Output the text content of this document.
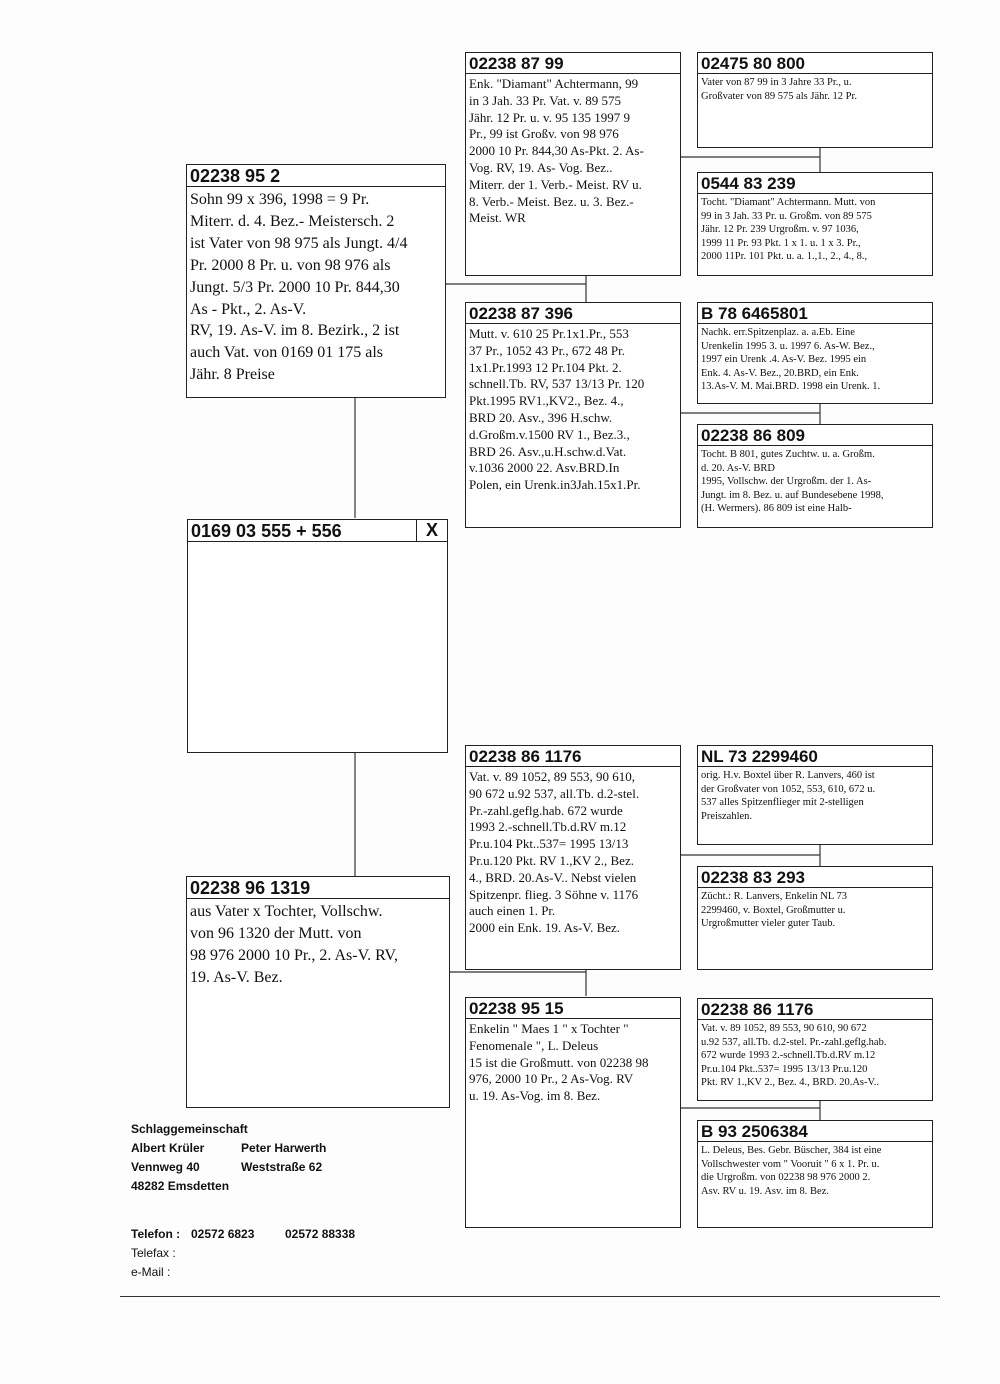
0169 03 555 + 556	X
02238 95 2
Sohn 99 x 396, 1998 = 9 Pr.
Miterr. d. 4. Bez.- Meistersch. 2
ist Vater von 98 975 als Jungt. 4/4
Pr. 2000 8 Pr. u. von 98 976 als
Jungt. 5/3 Pr. 2000 10 Pr. 844,30
As - Pkt., 2. As-V.
RV, 19. As-V. im 8. Bezirk., 2 ist
auch Vat. von 0169 01 175 als
Jähr. 8 Preise
02238 96 1319
aus Vater x Tochter, Vollschw.
von 96 1320 der Mutt. von
98 976 2000 10 Pr., 2. As-V. RV,
19. As-V. Bez.
02238 87 99
Enk. "Diamant" Achtermann, 99
in 3 Jah. 33 Pr. Vat. v. 89 575
Jähr. 12 Pr. u. v. 95 135 1997 9
Pr., 99 ist Großv. von 98 976
2000 10 Pr. 844,30 As-Pkt. 2. As-
Vog. RV, 19. As- Vog. Bez..
Miterr. der 1. Verb.- Meist. RV u.
8. Verb.- Meist. Bez. u. 3. Bez.-
Meist. WR
02238 87 396
Mutt. v. 610 25 Pr.1x1.Pr., 553
37 Pr., 1052 43 Pr., 672 48 Pr.
1x1.Pr.1993 12 Pr.104 Pkt. 2.
schnell.Tb. RV, 537 13/13 Pr. 120
Pkt.1995 RV1.,KV2., Bez. 4.,
BRD 20. Asv., 396 H.schw.
d.Großm.v.1500 RV 1., Bez.3.,
BRD 26. Asv.,u.H.schw.d.Vat.
v.1036 2000 22. Asv.BRD.In
Polen, ein Urenk.in3Jah.15x1.Pr.
02238 86 1176
Vat. v. 89 1052, 89 553, 90 610,
90 672 u.92 537, all.Tb. d.2-stel.
Pr.-zahl.geflg.hab. 672 wurde
1993 2.-schnell.Tb.d.RV m.12
Pr.u.104 Pkt..537= 1995 13/13
Pr.u.120 Pkt. RV 1.,KV 2., Bez.
4., BRD. 20.As-V.. Nebst vielen
Spitzenpr. flieg. 3 Söhne v. 1176
auch einen 1. Pr.
2000 ein Enk. 19. As-V. Bez.
02238 95 15
Enkelin " Maes 1 " x Tochter "
Fenomenale ", L. Deleus
15 ist die Großmutt. von 02238 98
976, 2000 10 Pr., 2 As-Vog. RV
u. 19. As-Vog. im 8. Bez.
02475 80 800
Vater von 87 99 in 3 Jahre 33 Pr., u.
Großvater von 89 575 als Jähr. 12 Pr.
0544 83 239
Tocht. "Diamant" Achtermann. Mutt. von
99 in 3 Jah. 33 Pr. u. Großm. von 89 575
Jähr. 12 Pr. 239 Urgroßm. v. 97 1036,
1999 11 Pr. 93 Pkt. 1 x 1. u. 1 x 3. Pr.,
2000 11Pr. 101 Pkt. u. a. 1.,1., 2., 4., 8.,
B 78 6465801
Nachk. err.Spitzenplaz. a. a.Eb. Eine
Urenkelin 1995 3. u. 1997 6. As-W. Bez.,
1997 ein Urenk .4. As-V. Bez. 1995 ein
Enk. 4. As-V. Bez., 20.BRD, ein Enk.
13.As-V. M. Mai.BRD. 1998 ein Urenk. 1.
02238 86 809
Tocht. B 801, gutes Zuchtw. u. a. Großm.
d. 20. As-V. BRD
1995, Vollschw. der Urgroßm. der 1. As-
Jungt. im 8. Bez. u. auf Bundesebene 1998,
(H. Wermers). 86 809 ist eine Halb-
NL 73 2299460
orig. H.v. Boxtel über R. Lanvers, 460 ist
der Großvater von 1052, 553, 610, 672 u.
537 alles Spitzenflieger mit 2-stelligen
Preiszahlen.
02238 83 293
Zücht.: R. Lanvers, Enkelin NL 73
2299460, v. Boxtel, Großmutter u.
Urgroßmutter vieler guter Taub.
02238 86 1176
Vat. v. 89 1052, 89 553, 90 610, 90 672
u.92 537, all.Tb. d.2-stel. Pr.-zahl.geflg.hab.
672 wurde 1993 2.-schnell.Tb.d.RV m.12
Pr.u.104 Pkt..537= 1995 13/13 Pr.u.120
Pkt. RV 1.,KV 2., Bez. 4., BRD. 20.As-V..
B 93 2506384
L. Deleus, Bes. Gebr. Büscher, 384 ist eine
Vollschwester vom " Vooruit " 6 x 1. Pr. u.
die Urgroßm. von 02238 98 976 2000 2.
Asv. RV u. 19. Asv. im 8. Bez.
Schlaggemeinschaft
Albert Krüler	Peter Harwerth
Vennweg 40	Weststraße 62
48282 Emsdetten
Telefon : 02572 6823	02572 88338
Telefax :
e-Mail :
